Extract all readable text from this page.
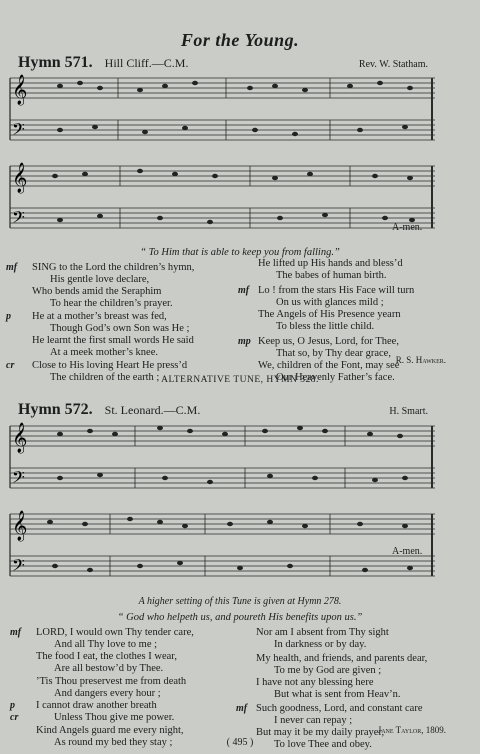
For the Young.
Hymn 571. Hill Cliff.—C.M.	Rev. W. Statham.
𝄞
𝄢
𝄞
𝄢	A-men.
“ To Him that is able to keep you from falling.”
mf SING to the Lord the children’s hymn,
His gentle love declare,
Who bends amid the Seraphim
To hear the children’s prayer.
p He at a mother’s breast was fed,
Though God’s own Son was He ;
He learnt the first small words He said
At a meek mother’s knee.
cr Close to His loving Heart He press’d
The children of the earth ;
He lifted up His hands and bless’d
The babes of human birth.
mf Lo ! from the stars His Face will turn
On us with glances mild ;
The Angels of His Presence yearn
To bless the little child.
mp Keep us, O Jesus, Lord, for Thee,
That so, by Thy dear grace,
We, children of the Font, may see
Our Heavenly Father’s face.
R. S. Hawker.
ALTERNATIVE TUNE, HYMN 328.
Hymn 572. St. Leonard.—C.M.	H. Smart.
𝄞
𝄢
𝄞
𝄢
A-men.
A higher setting of this Tune is given at Hymn 278.
“ God who helpeth us, and poureth His benefits upon us.”
mf LORD, I would own Thy tender care,
And all Thy love to me ;
The food I eat, the clothes I wear,
Are all bestow’d by Thee.
’Tis Thou preservest me from death
And dangers every hour ;
p I cannot draw another breath
cr	Unless Thou give me power.
Kind Angels guard me every night,
As round my bed they stay ;
Nor am I absent from Thy sight
In darkness or by day.
My health, and friends, and parents dear,
To me by God are given ;
I have not any blessing here
But what is sent from Heav’n.
mf Such goodness, Lord, and constant care
I never can repay ;
But may it be my daily prayer,
To love Thee and obey.
Jane Taylor, 1809.
( 495 )
